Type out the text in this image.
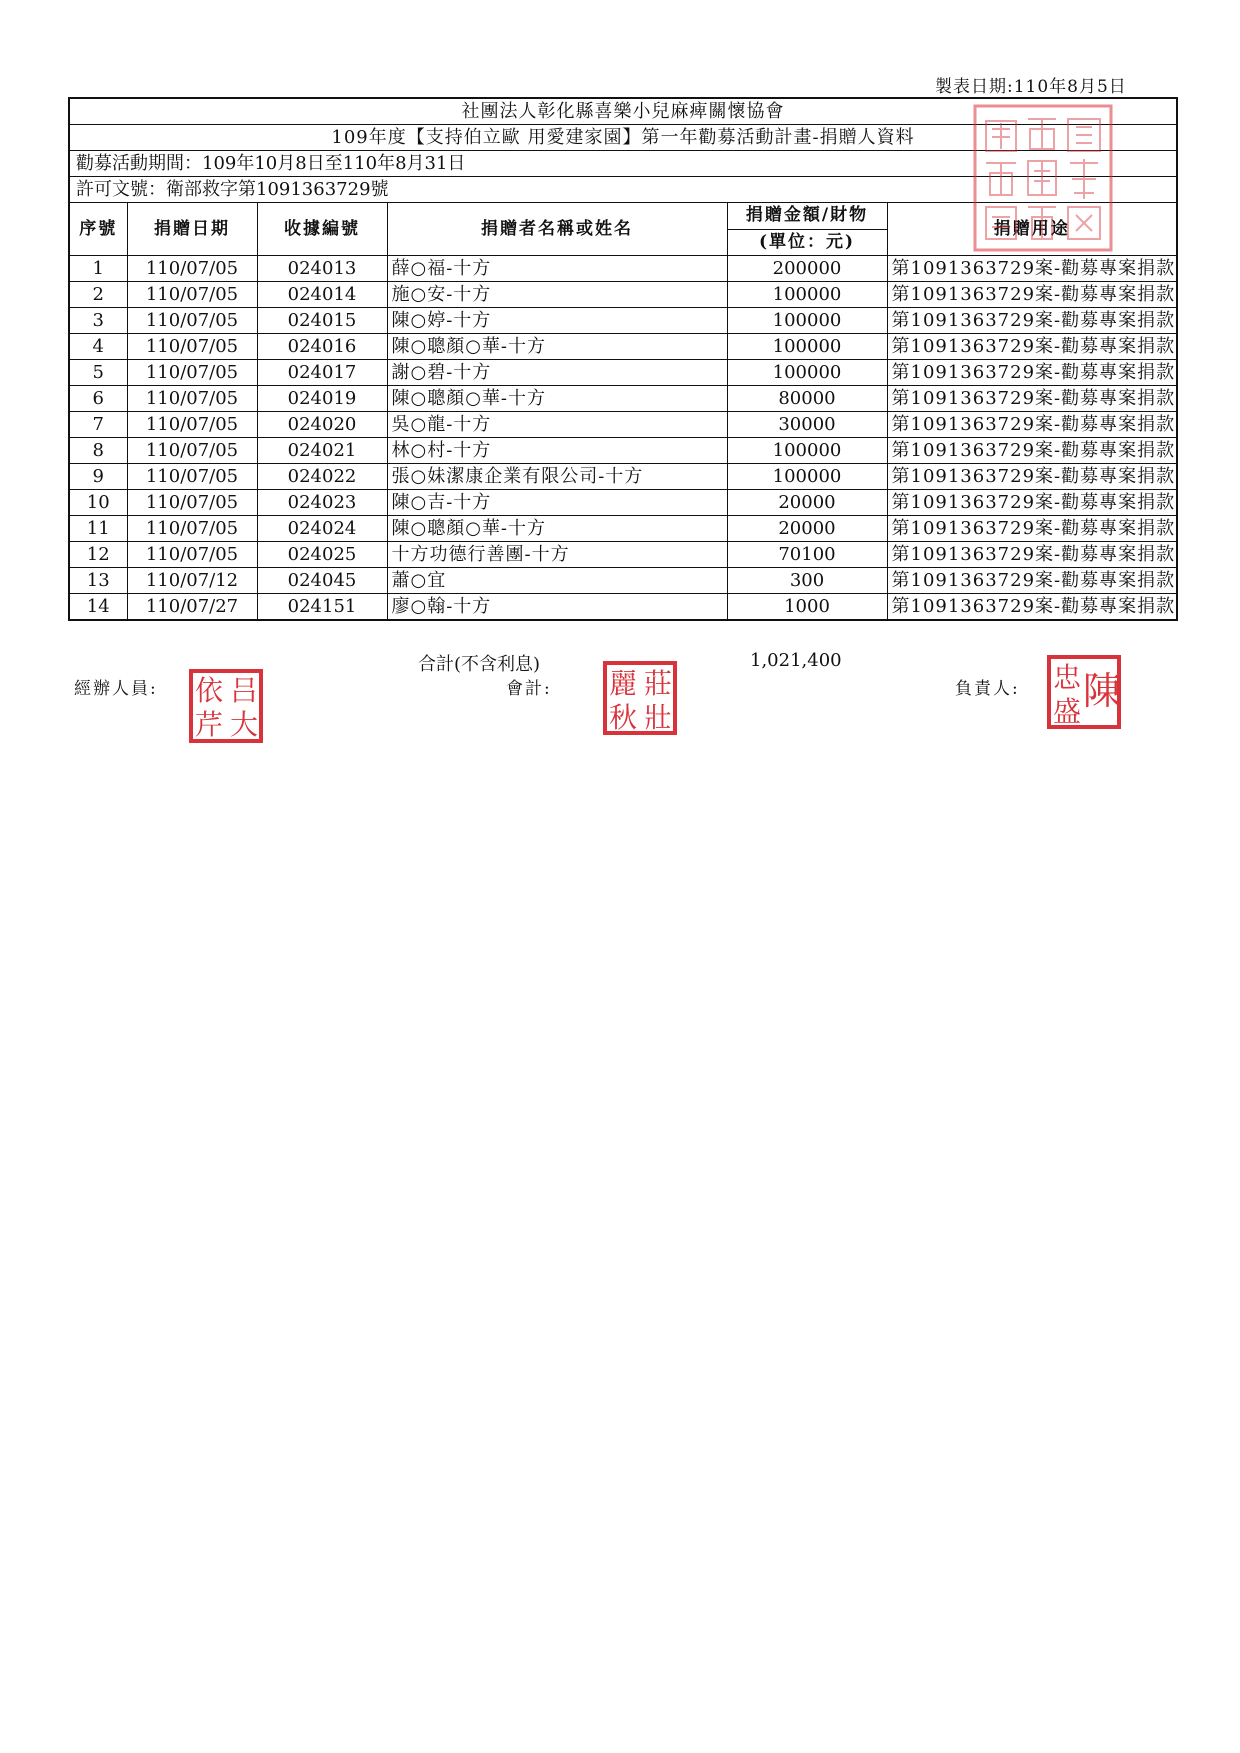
製表日期:110年8月5日
社團法人彰化縣喜樂小兒麻痺關懷協會					
109年度【支持伯立歐 用愛建家園】第一年勸募活動計畫-捐贈人資料					
勸募活動期間：109年10月8日至110年8月31日					
許可文號：衛部救字第1091363729號					
序號	捐贈日期	收據編號	捐贈者名稱或姓名	捐贈金額/財物	捐贈用途
				(單位：元)	
1	110/07/05	024013	薛○福-十方	200000	第1091363729案-勸募專案捐款
2	110/07/05	024014	施○安-十方	100000	第1091363729案-勸募專案捐款
3	110/07/05	024015	陳○婷-十方	100000	第1091363729案-勸募專案捐款
4	110/07/05	024016	陳○聰顏○華-十方	100000	第1091363729案-勸募專案捐款
5	110/07/05	024017	謝○碧-十方	100000	第1091363729案-勸募專案捐款
6	110/07/05	024019	陳○聰顏○華-十方	80000	第1091363729案-勸募專案捐款
7	110/07/05	024020	吳○龍-十方	30000	第1091363729案-勸募專案捐款
8	110/07/05	024021	林○村-十方	100000	第1091363729案-勸募專案捐款
9	110/07/05	024022	張○妹潔康企業有限公司-十方	100000	第1091363729案-勸募專案捐款
10	110/07/05	024023	陳○吉-十方	20000	第1091363729案-勸募專案捐款
11	110/07/05	024024	陳○聰顏○華-十方	20000	第1091363729案-勸募專案捐款
12	110/07/05	024025	十方功德行善團-十方	70100	第1091363729案-勸募專案捐款
13	110/07/12	024045	蕭○宜	300	第1091363729案-勸募專案捐款
14	110/07/27	024151	廖○翰-十方	1000	第1091363729案-勸募專案捐款
合計(不含利息)	1,021,400
經辦人員:	會計:	負責人:
吕
依
大
芹
莊
麗
壯
秋
陳
忠
盛
